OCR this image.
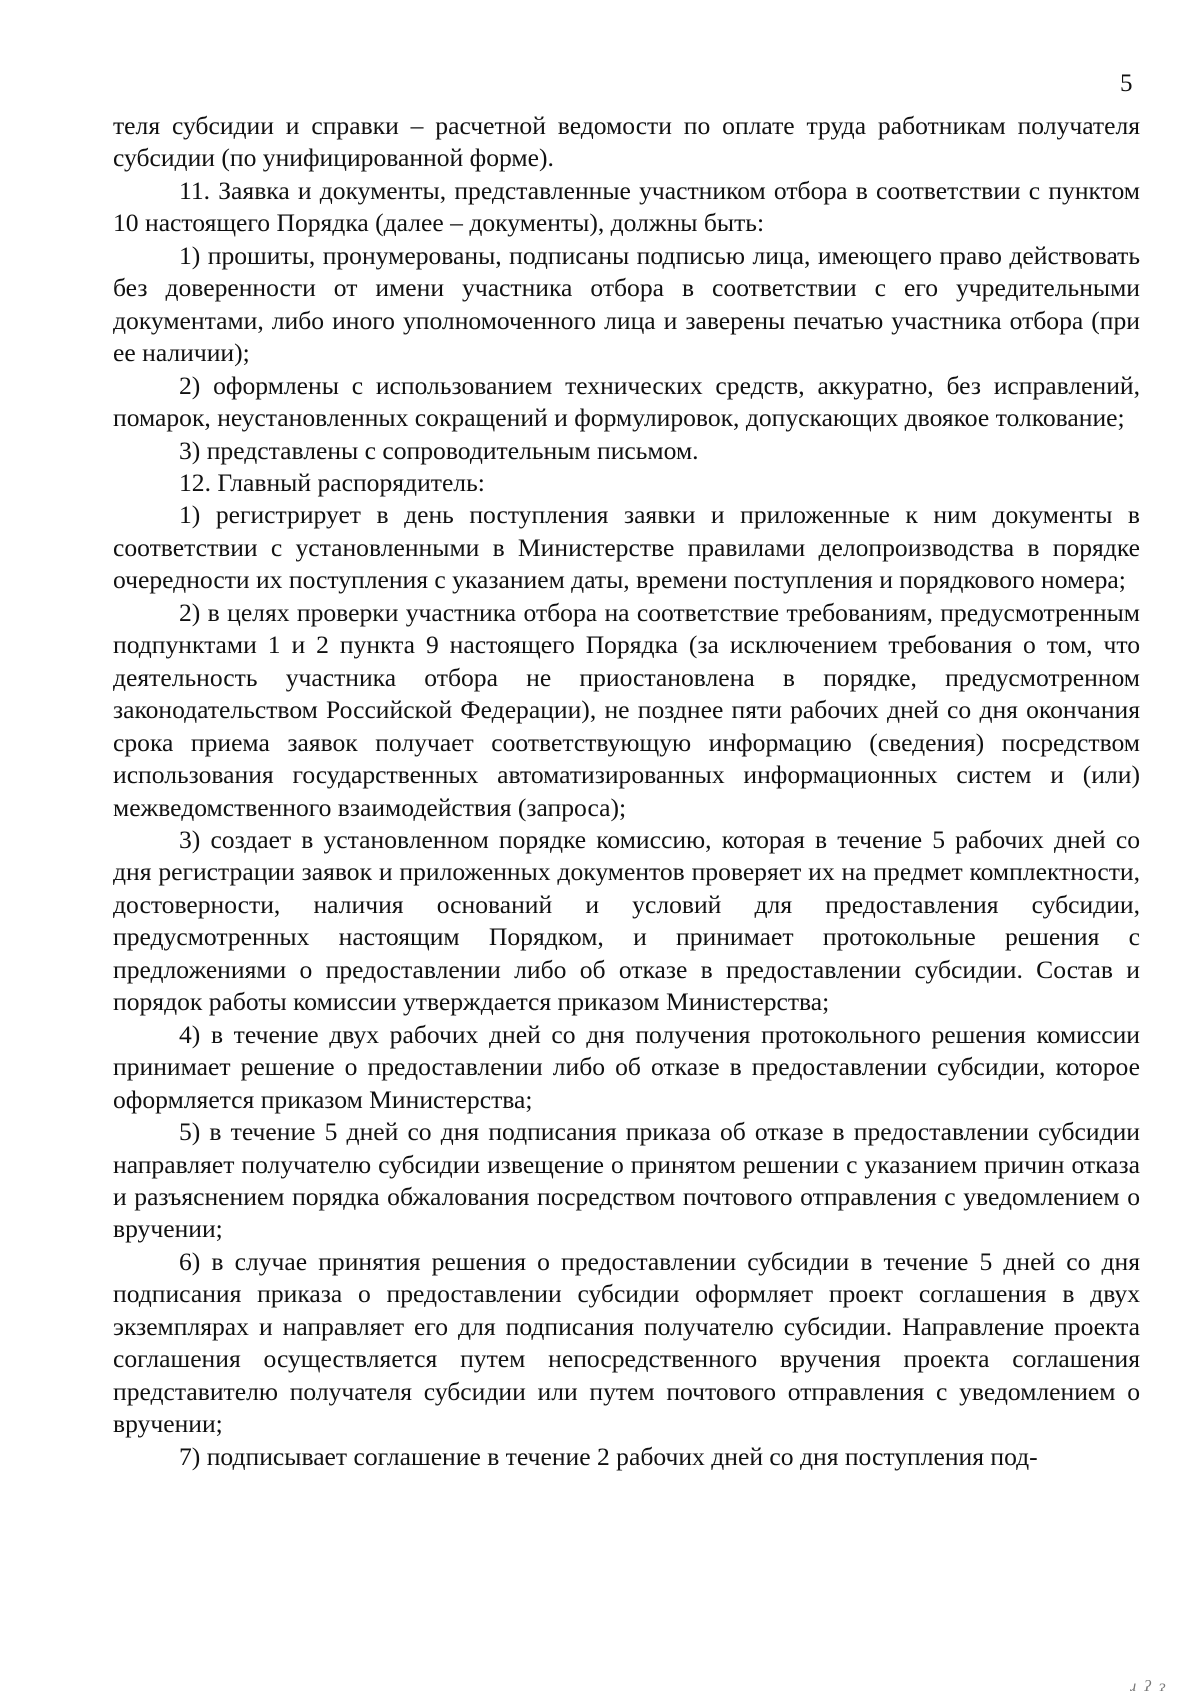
5

теля субсидии и справки – расчетной ведомости по оплате труда работникам получателя субсидии (по унифицированной форме).

11. Заявка и документы, представленные участником отбора в соответствии с пунктом 10 настоящего Порядка (далее – документы), должны быть:

1) прошиты, пронумерованы, подписаны подписью лица, имеющего право действовать без доверенности от имени участника отбора в соответствии с его учредительными документами, либо иного уполномоченного лица и заверены печатью участника отбора (при ее наличии);

2) оформлены с использованием технических средств, аккуратно, без исправлений, помарок, неустановленных сокращений и формулировок, допускающих двоякое толкование;

3) представлены с сопроводительным письмом.

12. Главный распорядитель:

1) регистрирует в день поступления заявки и приложенные к ним документы в соответствии с установленными в Министерстве правилами делопроизводства в порядке очередности их поступления с указанием даты, времени поступления и порядкового номера;

2) в целях проверки участника отбора на соответствие требованиям, предусмотренным подпунктами 1 и 2 пункта 9 настоящего Порядка (за исключением требования о том, что деятельность участника отбора не приостановлена в порядке, предусмотренном законодательством Российской Федерации), не позднее пяти рабочих дней со дня окончания срока приема заявок получает соответствующую информацию (сведения) посредством использования государственных автоматизированных информационных систем и (или) межведомственного взаимодействия (запроса);

3) создает в установленном порядке комиссию, которая в течение 5 рабочих дней со дня регистрации заявок и приложенных документов проверяет их на предмет комплектности, достоверности, наличия оснований и условий для предоставления субсидии, предусмотренных настоящим Порядком, и принимает протокольные решения с предложениями о предоставлении либо об отказе в предоставлении субсидии. Состав и порядок работы комиссии утверждается приказом Министерства;

4) в течение двух рабочих дней со дня получения протокольного решения комиссии принимает решение о предоставлении либо об отказе в предоставлении субсидии, которое оформляется приказом Министерства;

5) в течение 5 дней со дня подписания приказа об отказе в предоставлении субсидии направляет получателю субсидии извещение о принятом решении с указанием причин отказа и разъяснением порядка обжалования посредством почтового отправления с уведомлением о вручении;

6) в случае принятия решения о предоставлении субсидии в течение 5 дней со дня подписания приказа о предоставлении субсидии оформляет проект соглашения в двух экземплярах и направляет его для подписания получателю субсидии. Направление проекта соглашения осуществляется путем непосредственного вручения проекта соглашения представителю получателя субсидии или путем почтового отправления с уведомлением о вручении;

7) подписывает соглашение в течение 2 рабочих дней со дня поступления под-

ɹ ʔ ɂ
